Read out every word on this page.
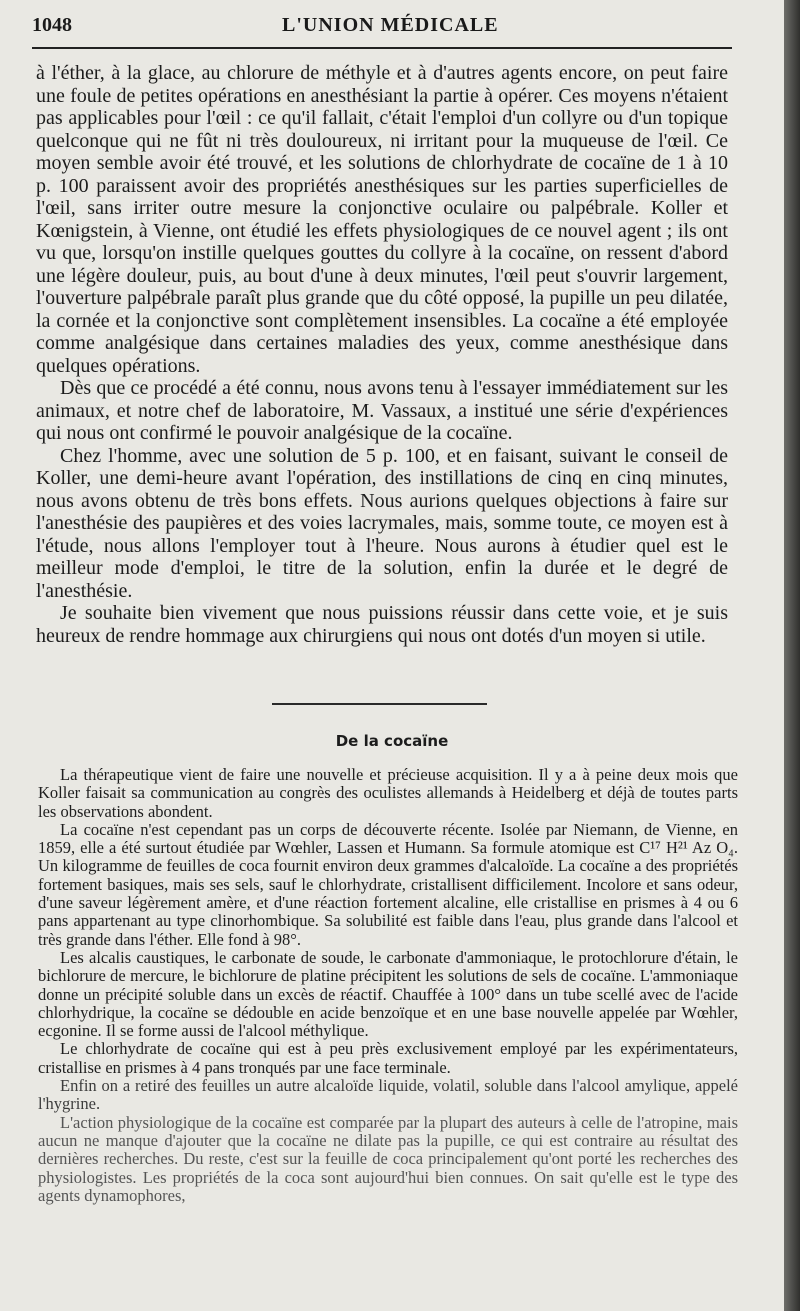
1048	L'UNION MÉDICALE

à l'éther, à la glace, au chlorure de méthyle et à d'autres agents encore, on peut faire une foule de petites opérations en anesthésiant la partie à opérer. Ces moyens n'étaient pas applicables pour l'œil : ce qu'il fallait, c'était l'emploi d'un collyre ou d'un topique quelconque qui ne fût ni très douloureux, ni irritant pour la muqueuse de l'œil. Ce moyen semble avoir été trouvé, et les solutions de chlorhydrate de cocaïne de 1 à 10 p. 100 paraissent avoir des propriétés anesthésiques sur les parties superficielles de l'œil, sans irriter outre mesure la conjonctive oculaire ou palpébrale. Koller et Kœnigstein, à Vienne, ont étudié les effets physiologiques de ce nouvel agent ; ils ont vu que, lorsqu'on instille quelques gouttes du collyre à la cocaïne, on ressent d'abord une légère douleur, puis, au bout d'une à deux minutes, l'œil peut s'ouvrir largement, l'ouverture palpébrale paraît plus grande que du côté opposé, la pupille un peu dilatée, la cornée et la conjonctive sont complètement insensibles. La cocaïne a été employée comme analgésique dans certaines maladies des yeux, comme anesthésique dans quelques opérations.

Dès que ce procédé a été connu, nous avons tenu à l'essayer immédiatement sur les animaux, et notre chef de laboratoire, M. Vassaux, a institué une série d'expériences qui nous ont confirmé le pouvoir analgésique de la cocaïne.

Chez l'homme, avec une solution de 5 p. 100, et en faisant, suivant le conseil de Koller, une demi-heure avant l'opération, des instillations de cinq en cinq minutes, nous avons obtenu de très bons effets. Nous aurions quelques objections à faire sur l'anesthésie des paupières et des voies lacrymales, mais, somme toute, ce moyen est à l'étude, nous allons l'employer tout à l'heure. Nous aurons à étudier quel est le meilleur mode d'emploi, le titre de la solution, enfin la durée et le degré de l'anesthésie.

Je souhaite bien vivement que nous puissions réussir dans cette voie, et je suis heureux de rendre hommage aux chirurgiens qui nous ont dotés d'un moyen si utile.

De la cocaïne

La thérapeutique vient de faire une nouvelle et précieuse acquisition. Il y a à peine deux mois que Koller faisait sa communication au congrès des oculistes allemands à Heidelberg et déjà de toutes parts les observations abondent.

La cocaïne n'est cependant pas un corps de découverte récente. Isolée par Niemann, de Vienne, en 1859, elle a été surtout étudiée par Wœhler, Lassen et Humann. Sa formule atomique est C¹⁷ H²¹ Az O₄. Un kilogramme de feuilles de coca fournit environ deux grammes d'alcaloïde. La cocaïne a des propriétés fortement basiques, mais ses sels, sauf le chlorhydrate, cristallisent difficilement. Incolore et sans odeur, d'une saveur légèrement amère, et d'une réaction fortement alcaline, elle cristallise en prismes à 4 ou 6 pans appartenant au type clinorhombique. Sa solubilité est faible dans l'eau, plus grande dans l'alcool et très grande dans l'éther. Elle fond à 98°.

Les alcalis caustiques, le carbonate de soude, le carbonate d'ammoniaque, le protochlorure d'étain, le bichlorure de mercure, le bichlorure de platine précipitent les solutions de sels de cocaïne. L'ammoniaque donne un précipité soluble dans un excès de réactif. Chauffée à 100° dans un tube scellé avec de l'acide chlorhydrique, la cocaïne se dédouble en acide benzoïque et en une base nouvelle appelée par Wœhler, ecgonine. Il se forme aussi de l'alcool méthylique.

Le chlorhydrate de cocaïne qui est à peu près exclusivement employé par les expérimentateurs, cristallise en prismes à 4 pans tronqués par une face terminale.

Enfin on a retiré des feuilles un autre alcaloïde liquide, volatil, soluble dans l'alcool amylique, appelé l'hygrine.

L'action physiologique de la cocaïne est comparée par la plupart des auteurs à celle de l'atropine, mais aucun ne manque d'ajouter que la cocaïne ne dilate pas la pupille, ce qui est contraire au résultat des dernières recherches. Du reste, c'est sur la feuille de coca principalement qu'ont porté les recherches des physiologistes. Les propriétés de la coca sont aujourd'hui bien connues. On sait qu'elle est le type des agents dynamophores,
